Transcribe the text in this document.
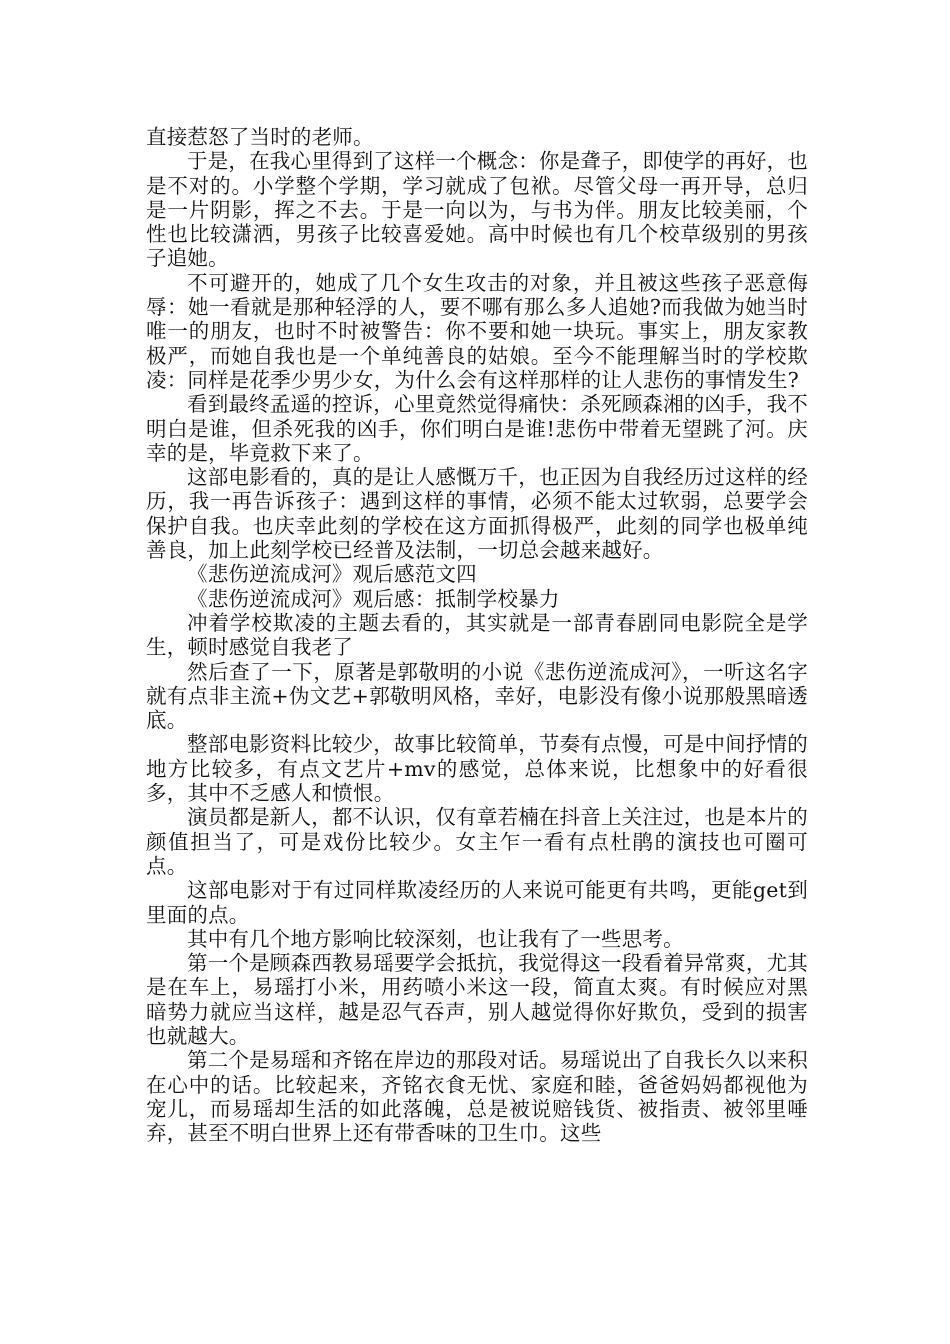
直接惹怒了当时的老师。

于是，在我心里得到了这样一个概念：你是聋子，即使学的再好，也是不对的。小学整个学期，学习就成了包袱。尽管父母一再开导，总归是一片阴影，挥之不去。于是一向以为，与书为伴。朋友比较美丽，个性也比较潇洒，男孩子比较喜爱她。高中时候也有几个校草级别的男孩子追她。

不可避开的，她成了几个女生攻击的对象，并且被这些孩子恶意侮辱：她一看就是那种轻浮的人，要不哪有那么多人追她?而我做为她当时唯一的朋友，也时不时被警告：你不要和她一块玩。事实上，朋友家教极严，而她自我也是一个单纯善良的姑娘。至今不能理解当时的学校欺凌：同样是花季少男少女，为什么会有这样那样的让人悲伤的事情发生?

看到最终孟遥的控诉，心里竟然觉得痛快：杀死顾森湘的凶手，我不明白是谁，但杀死我的凶手，你们明白是谁!悲伤中带着无望跳了河。庆幸的是，毕竟救下来了。

这部电影看的，真的是让人感慨万千，也正因为自我经历过这样的经历，我一再告诉孩子：遇到这样的事情，必须不能太过软弱，总要学会保护自我。也庆幸此刻的学校在这方面抓得极严，此刻的同学也极单纯善良，加上此刻学校已经普及法制，一切总会越来越好。

《悲伤逆流成河》观后感范文四

《悲伤逆流成河》观后感：抵制学校暴力

冲着学校欺凌的主题去看的，其实就是一部青春剧同电影院全是学生，顿时感觉自我老了

然后查了一下，原著是郭敬明的小说《悲伤逆流成河》，一听这名字就有点非主流+伪文艺+郭敬明风格，幸好，电影没有像小说那般黑暗透底。

整部电影资料比较少，故事比较简单，节奏有点慢，可是中间抒情的地方比较多，有点文艺片+mv的感觉，总体来说，比想象中的好看很多，其中不乏感人和愤恨。

演员都是新人，都不认识，仅有章若楠在抖音上关注过，也是本片的颜值担当了，可是戏份比较少。女主乍一看有点杜鹃的演技也可圈可点。

这部电影对于有过同样欺凌经历的人来说可能更有共鸣，更能get到里面的点。

其中有几个地方影响比较深刻，也让我有了一些思考。

第一个是顾森西教易瑶要学会抵抗，我觉得这一段看着异常爽，尤其是在车上，易瑶打小米，用药喷小米这一段，简直太爽。有时候应对黑暗势力就应当这样，越是忍气吞声，别人越觉得你好欺负，受到的损害也就越大。

第二个是易瑶和齐铭在岸边的那段对话。易瑶说出了自我长久以来积在心中的话。比较起来，齐铭衣食无忧、家庭和睦，爸爸妈妈都视他为宠儿，而易瑶却生活的如此落魄，总是被说赔钱货、被指责、被邻里唾弃，甚至不明白世界上还有带香味的卫生巾。这些
